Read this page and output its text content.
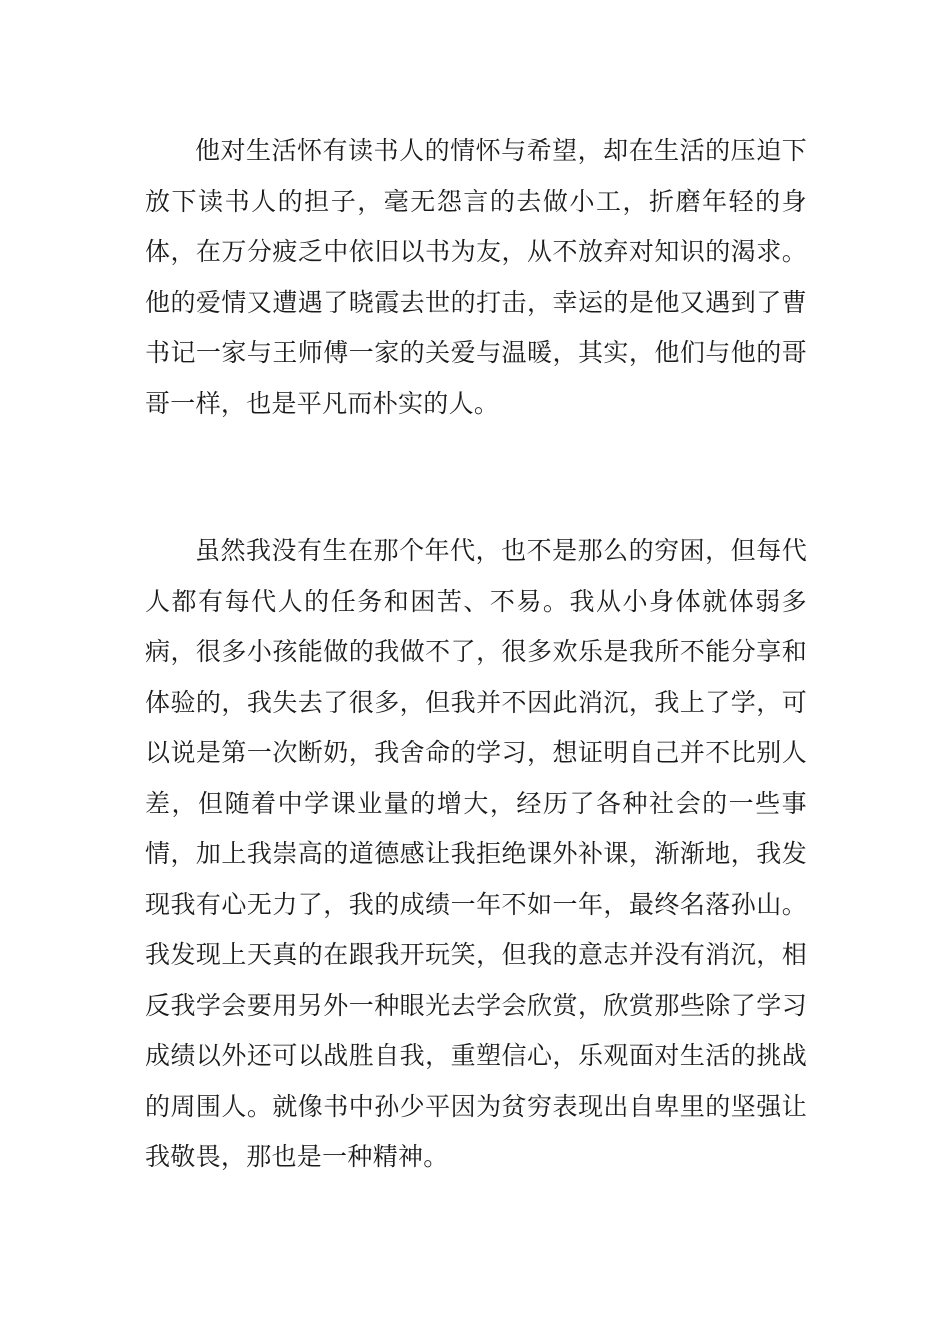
他对生活怀有读书人的情怀与希望，却在生活的压迫下放下读书人的担子，毫无怨言的去做小工，折磨年轻的身体，在万分疲乏中依旧以书为友，从不放弃对知识的渴求。他的爱情又遭遇了晓霞去世的打击，幸运的是他又遇到了曹书记一家与王师傅一家的关爱与温暖，其实，他们与他的哥哥一样，也是平凡而朴实的人。

虽然我没有生在那个年代，也不是那么的穷困，但每代人都有每代人的任务和困苦、不易。我从小身体就体弱多病，很多小孩能做的我做不了，很多欢乐是我所不能分享和体验的，我失去了很多，但我并不因此消沉，我上了学，可以说是第一次断奶，我舍命的学习，想证明自己并不比别人差，但随着中学课业量的增大，经历了各种社会的一些事情，加上我崇高的道德感让我拒绝课外补课，渐渐地，我发现我有心无力了，我的成绩一年不如一年，最终名落孙山。我发现上天真的在跟我开玩笑，但我的意志并没有消沉，相反我学会要用另外一种眼光去学会欣赏，欣赏那些除了学习成绩以外还可以战胜自我，重塑信心，乐观面对生活的挑战的周围人。就像书中孙少平因为贫穷表现出自卑里的坚强让我敬畏，那也是一种精神。
